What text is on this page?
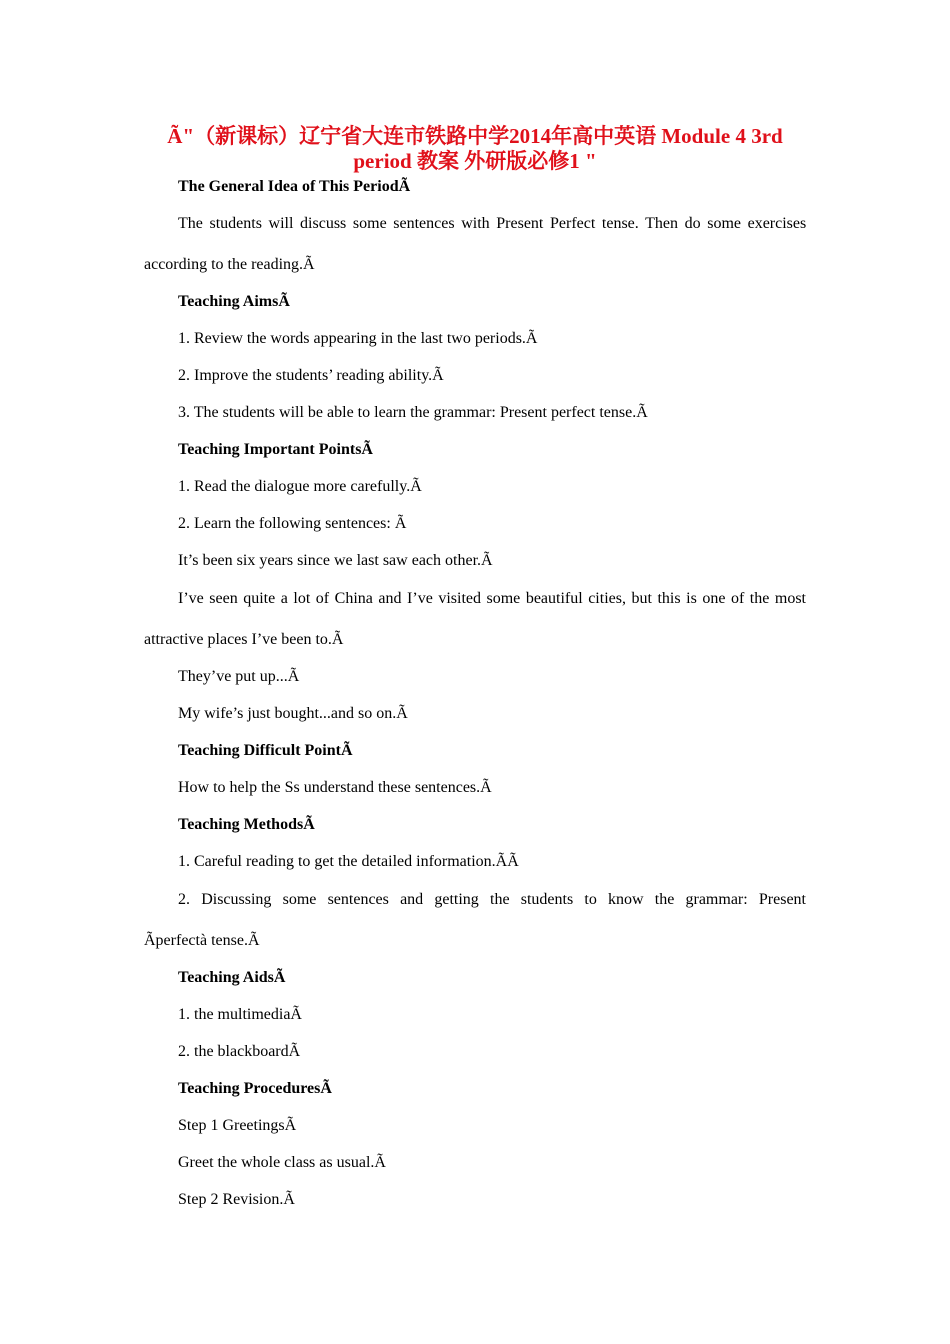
Ã"（新课标）辽宁省大连市铁路中学2014年高中英语 Module 4 3rd
period 教案 外研版必修1 "
The General Idea of This PeriodÃ
The students will discuss some sentences with Present Perfect tense. Then do some exercises
according to the reading.Ã
Teaching AimsÃ
1. Review the words appearing in the last two periods.Ã
2. Improve the students’ reading ability.Ã
3. The students will be able to learn the grammar: Present perfect tense.Ã
Teaching Important PointsÃ
1. Read the dialogue more carefully.Ã
2. Learn the following sentences: Ã
It’s been six years since we last saw each other.Ã
I’ve seen quite a lot of China and I’ve visited some beautiful cities, but this is one of the most
attractive places I’ve been to.Ã
They’ve put up...Ã
My wife’s just bought...and so on.Ã
Teaching Difficult PointÃ
How to help the Ss understand these sentences.Ã
Teaching MethodsÃ
1. Careful reading to get the detailed information.ÃÃ
2. Discussing some sentences and getting the students to know the grammar: Present
Ãperfectà tense.Ã
Teaching AidsÃ
1. the multimediaÃ
2. the blackboardÃ
Teaching ProceduresÃ
Step 1 GreetingsÃ
Greet the whole class as usual.Ã
Step 2 Revision.Ã
